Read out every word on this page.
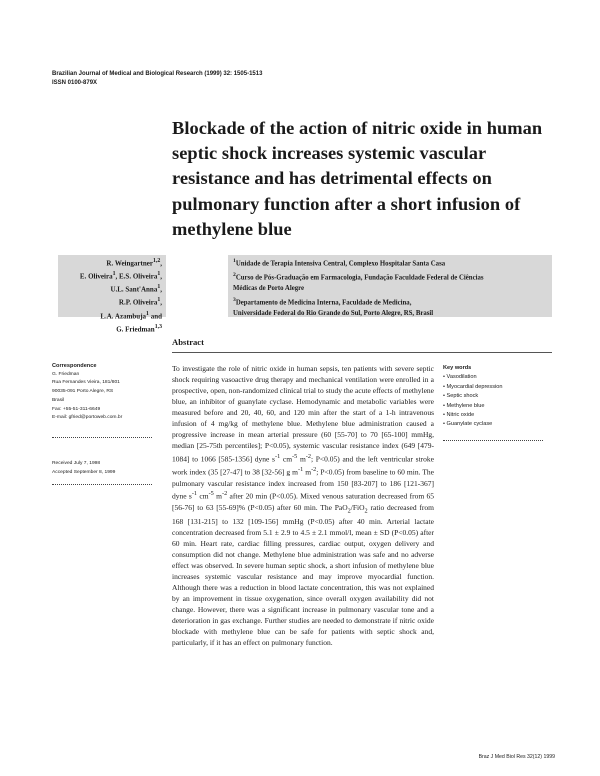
Brazilian Journal of Medical and Biological Research (1999) 32: 1505-1513
ISSN 0100-879X
Blockade of the action of nitric oxide in human septic shock increases systemic vascular resistance and has detrimental effects on pulmonary function after a short infusion of methylene blue
R. Weingartner$^{1,2}$,
E. Oliveira$^1$, E.S. Oliveira$^1$,
U.L. Sant'Anna$^1$,
R.P. Oliveira$^1$,
L.A. Azambuja$^1$ and
G. Friedman$^{1,3}$
$^1$Unidade de Terapia Intensiva Central, Complexo Hospitalar Santa Casa
$^2$Curso de Pós-Graduação em Farmacologia, Fundação Faculdade Federal de Ciências
Médicas de Porto Alegre
$^3$Departamento de Medicina Interna, Faculdade de Medicina,
Universidade Federal do Rio Grande do Sul, Porto Alegre, RS, Brasil
Abstract

To investigate the role of nitric oxide in human sepsis, ten patients with severe septic shock requiring vasoactive drug therapy and mechanical ventilation were enrolled in a prospective, open, non-randomized clinical trial to study the acute effects of methylene blue, an inhibitor of guanylate cyclase. Hemodynamic and metabolic variables were measured before and 20, 40, 60, and 120 min after the start of a 1-h intravenous infusion of 4 mg/kg of methylene blue. Methylene blue administration caused a progressive increase in mean arterial pressure (60 [55-70] to 70 [65-100] mmHg, median [25-75th percentiles]; P<0.05), systemic vascular resistance index (649 [479-1084] to 1066 [585-1356] dyne $s^{-1}$ $cm^{-5}$ $m^{-2}$; P<0.05) and the left ventricular stroke work index (35 [27-47] to 38 [32-56] g $m^{-1}$ $m^{-2}$; P<0.05) from baseline to 60 min. The pulmonary vascular resistance index increased from 150 [83-207] to 186 [121-367] dyne $s^{-1}$ $cm^{-5}$ $m^{-2}$ after 20 min (P<0.05). Mixed venous saturation decreased from 65 [56-76] to 63 [55-69]% (P<0.05) after 60 min. The PaO$_2$/FiO$_2$ ratio decreased from 168 [131-215] to 132 [109-156] mmHg (P<0.05) after 40 min. Arterial lactate concentration decreased from 5.1 ± 2.9 to 4.5 ± 2.1 mmol/l, mean ± SD (P<0.05) after 60 min. Heart rate, cardiac filling pressures, cardiac output, oxygen delivery and consumption did not change. Methylene blue administration was safe and no adverse effect was observed. In severe human septic shock, a short infusion of methylene blue increases systemic vascular resistance and may improve myocardial function. Although there was a reduction in blood lactate concentration, this was not explained by an improvement in tissue oxygenation, since overall oxygen availability did not change. However, there was a significant increase in pulmonary vascular tone and a deterioration in gas exchange. Further studies are needed to demonstrate if nitric oxide blockade with methylene blue can be safe for patients with septic shock and, particularly, if it has an effect on pulmonary function.

Correspondence
G. Friedman
Rua Fernandes Vieira, 181/801
90035-091 Porto Alegre, RS
Brasil
Fax: +55-51-311-6649
E-mail: gfried@portoweb.com.br
Received July 7, 1998
Accepted September 8, 1999
Key words
• Vasodilation
• Myocardial depression
• Septic shock
• Methylene blue
• Nitric oxide
• Guanylate cyclase
Braz J Med Biol Res 32(12) 1999
